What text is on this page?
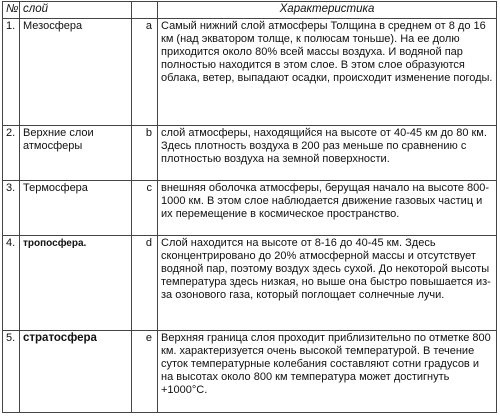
№	слой		Характеристика
1.	Мезосфера	a	Самый нижний слой атмосферы Толщина в среднем от 8 до 16 км (над экватором толще, к полюсам тоньше). На ее долю приходится около 80% всей массы воздуха. И водяной пар полностью находится в этом слое. В этом слое образуются облака, ветер, выпадают осадки, происходит изменение погоды.
2.	Верхние слои атмосферы	b	слой атмосферы, находящийся на высоте от 40-45 км до 80 км. Здесь плотность воздуха в 200 раз меньше по сравнению с плотностью воздуха на земной поверхности.
3.	Термосфера	c	внешняя оболочка атмосферы, берущая начало на высоте 800-1000 км. В этом слое наблюдается движение газовых частиц и их перемещение в космическое пространство.
4.	тропосфера.	d	Слой находится на высоте от 8-16 до 40-45 км. Здесь сконцентрировано до 20% атмосферной массы и отсутствует водяной пар, поэтому воздух здесь сухой. До некоторой высоты температура здесь низкая, но выше она быстро повышается из-за озонового газа, который поглощает солнечные лучи.
5.	стратосфера	e	Верхняя граница слоя проходит приблизительно по отметке 800 км. характеризуется очень высокой температурой. В течение суток температурные колебания составляют сотни градусов и на высотах около 800 км температура может достигнуть +1000°C.
